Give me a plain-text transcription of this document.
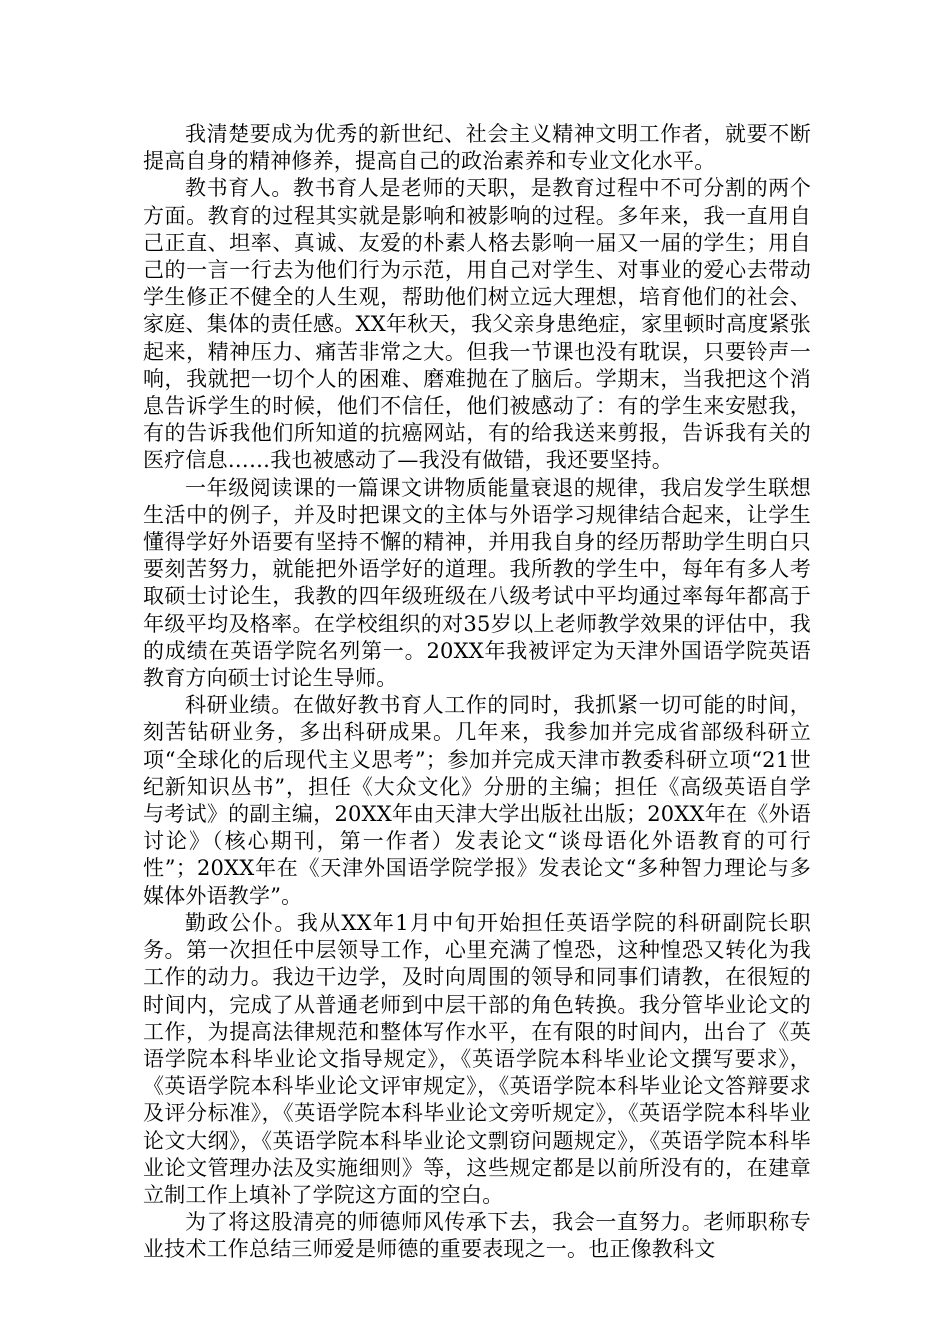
我清楚要成为优秀的新世纪、社会主义精神文明工作者，就要不断提高自身的精神修养，提高自己的政治素养和专业文化水平。

教书育人。教书育人是老师的天职，是教育过程中不可分割的两个方面。教育的过程其实就是影响和被影响的过程。多年来，我一直用自己正直、坦率、真诚、友爱的朴素人格去影响一届又一届的学生；用自己的一言一行去为他们行为示范，用自己对学生、对事业的爱心去带动学生修正不健全的人生观，帮助他们树立远大理想，培育他们的社会、家庭、集体的责任感。XX年秋天，我父亲身患绝症，家里顿时高度紧张起来，精神压力、痛苦非常之大。但我一节课也没有耽误，只要铃声一响，我就把一切个人的困难、磨难抛在了脑后。学期末，当我把这个消息告诉学生的时候，他们不信任，他们被感动了：有的学生来安慰我，有的告诉我他们所知道的抗癌网站，有的给我送来剪报，告诉我有关的医疗信息……我也被感动了—我没有做错，我还要坚持。

一年级阅读课的一篇课文讲物质能量衰退的规律，我启发学生联想生活中的例子，并及时把课文的主体与外语学习规律结合起来，让学生懂得学好外语要有坚持不懈的精神，并用我自身的经历帮助学生明白只要刻苦努力，就能把外语学好的道理。我所教的学生中，每年有多人考取硕士讨论生，我教的四年级班级在八级考试中平均通过率每年都高于年级平均及格率。在学校组织的对35岁以上老师教学效果的评估中，我的成绩在英语学院名列第一。20XX年我被评定为天津外国语学院英语教育方向硕士讨论生导师。

科研业绩。在做好教书育人工作的同时，我抓紧一切可能的时间，刻苦钻研业务，多出科研成果。几年来，我参加并完成省部级科研立项“全球化的后现代主义思考”；参加并完成天津市教委科研立项“21世纪新知识丛书”，担任《大众文化》分册的主编；担任《高级英语自学与考试》的副主编，20XX年由天津大学出版社出版；20XX年在《外语讨论》（核心期刊，第一作者）发表论文“谈母语化外语教育的可行性”；20XX年在《天津外国语学院学报》发表论文“多种智力理论与多媒体外语教学”。

勤政公仆。我从XX年1月中旬开始担任英语学院的科研副院长职务。第一次担任中层领导工作，心里充满了惶恐，这种惶恐又转化为我工作的动力。我边干边学，及时向周围的领导和同事们请教，在很短的时间内，完成了从普通老师到中层干部的角色转换。我分管毕业论文的工作，为提高法律规范和整体写作水平，在有限的时间内，出台了《英语学院本科毕业论文指导规定》，《英语学院本科毕业论文撰写要求》，《英语学院本科毕业论文评审规定》，《英语学院本科毕业论文答辩要求及评分标准》，《英语学院本科毕业论文旁听规定》，《英语学院本科毕业论文大纲》，《英语学院本科毕业论文剽窃问题规定》，《英语学院本科毕业论文管理办法及实施细则》等，这些规定都是以前所没有的，在建章立制工作上填补了学院这方面的空白。

为了将这股清亮的师德师风传承下去，我会一直努力。老师职称专业技术工作总结三师爱是师德的重要表现之一。也正像教科文
